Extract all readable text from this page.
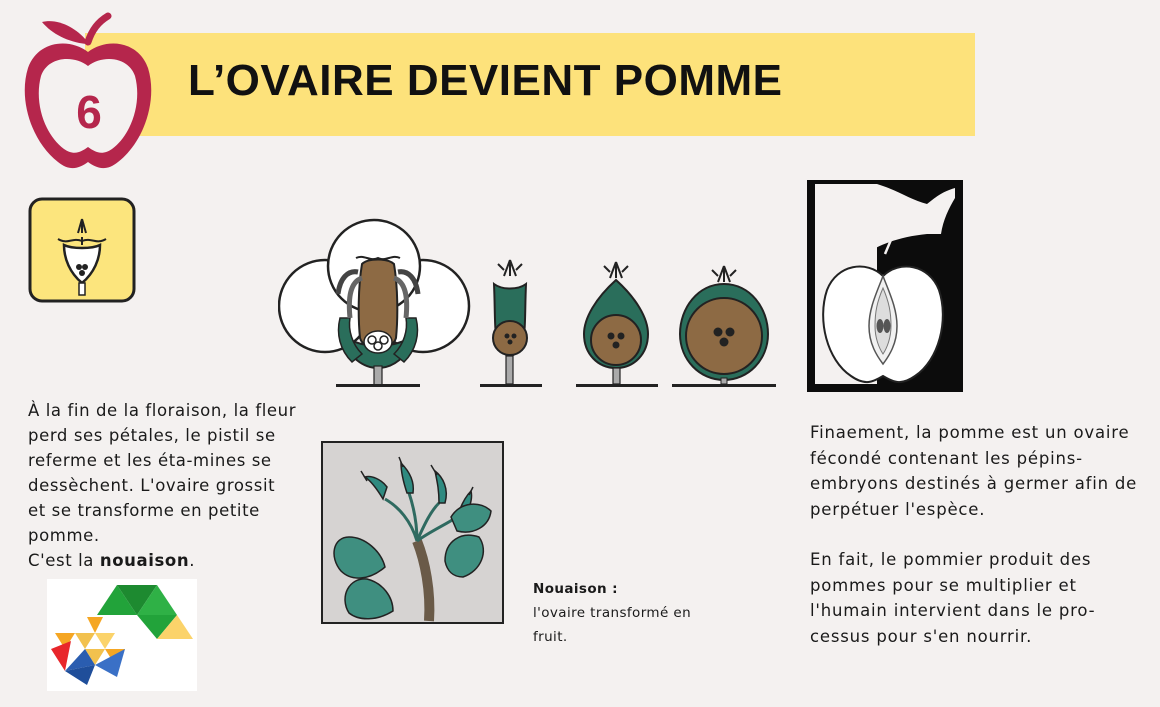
L’OVAIRE DEVIENT POMME
6

À la fin de la floraison, la fleur perd ses pétales, le pistil se referme et les éta-mines se dessèchent. L'ovaire grossit et se transforme en petite pomme.

C'est la nouaison.

Nouaison :
l'ovaire transformé en fruit.

Finaement, la pomme est un ovaire fécondé contenant les pépins-embryons destinés à germer afin de perpétuer l'espèce.

En fait, le pommier produit des pommes pour se multiplier et l'humain intervient dans le pro-cessus pour s'en nourrir.
